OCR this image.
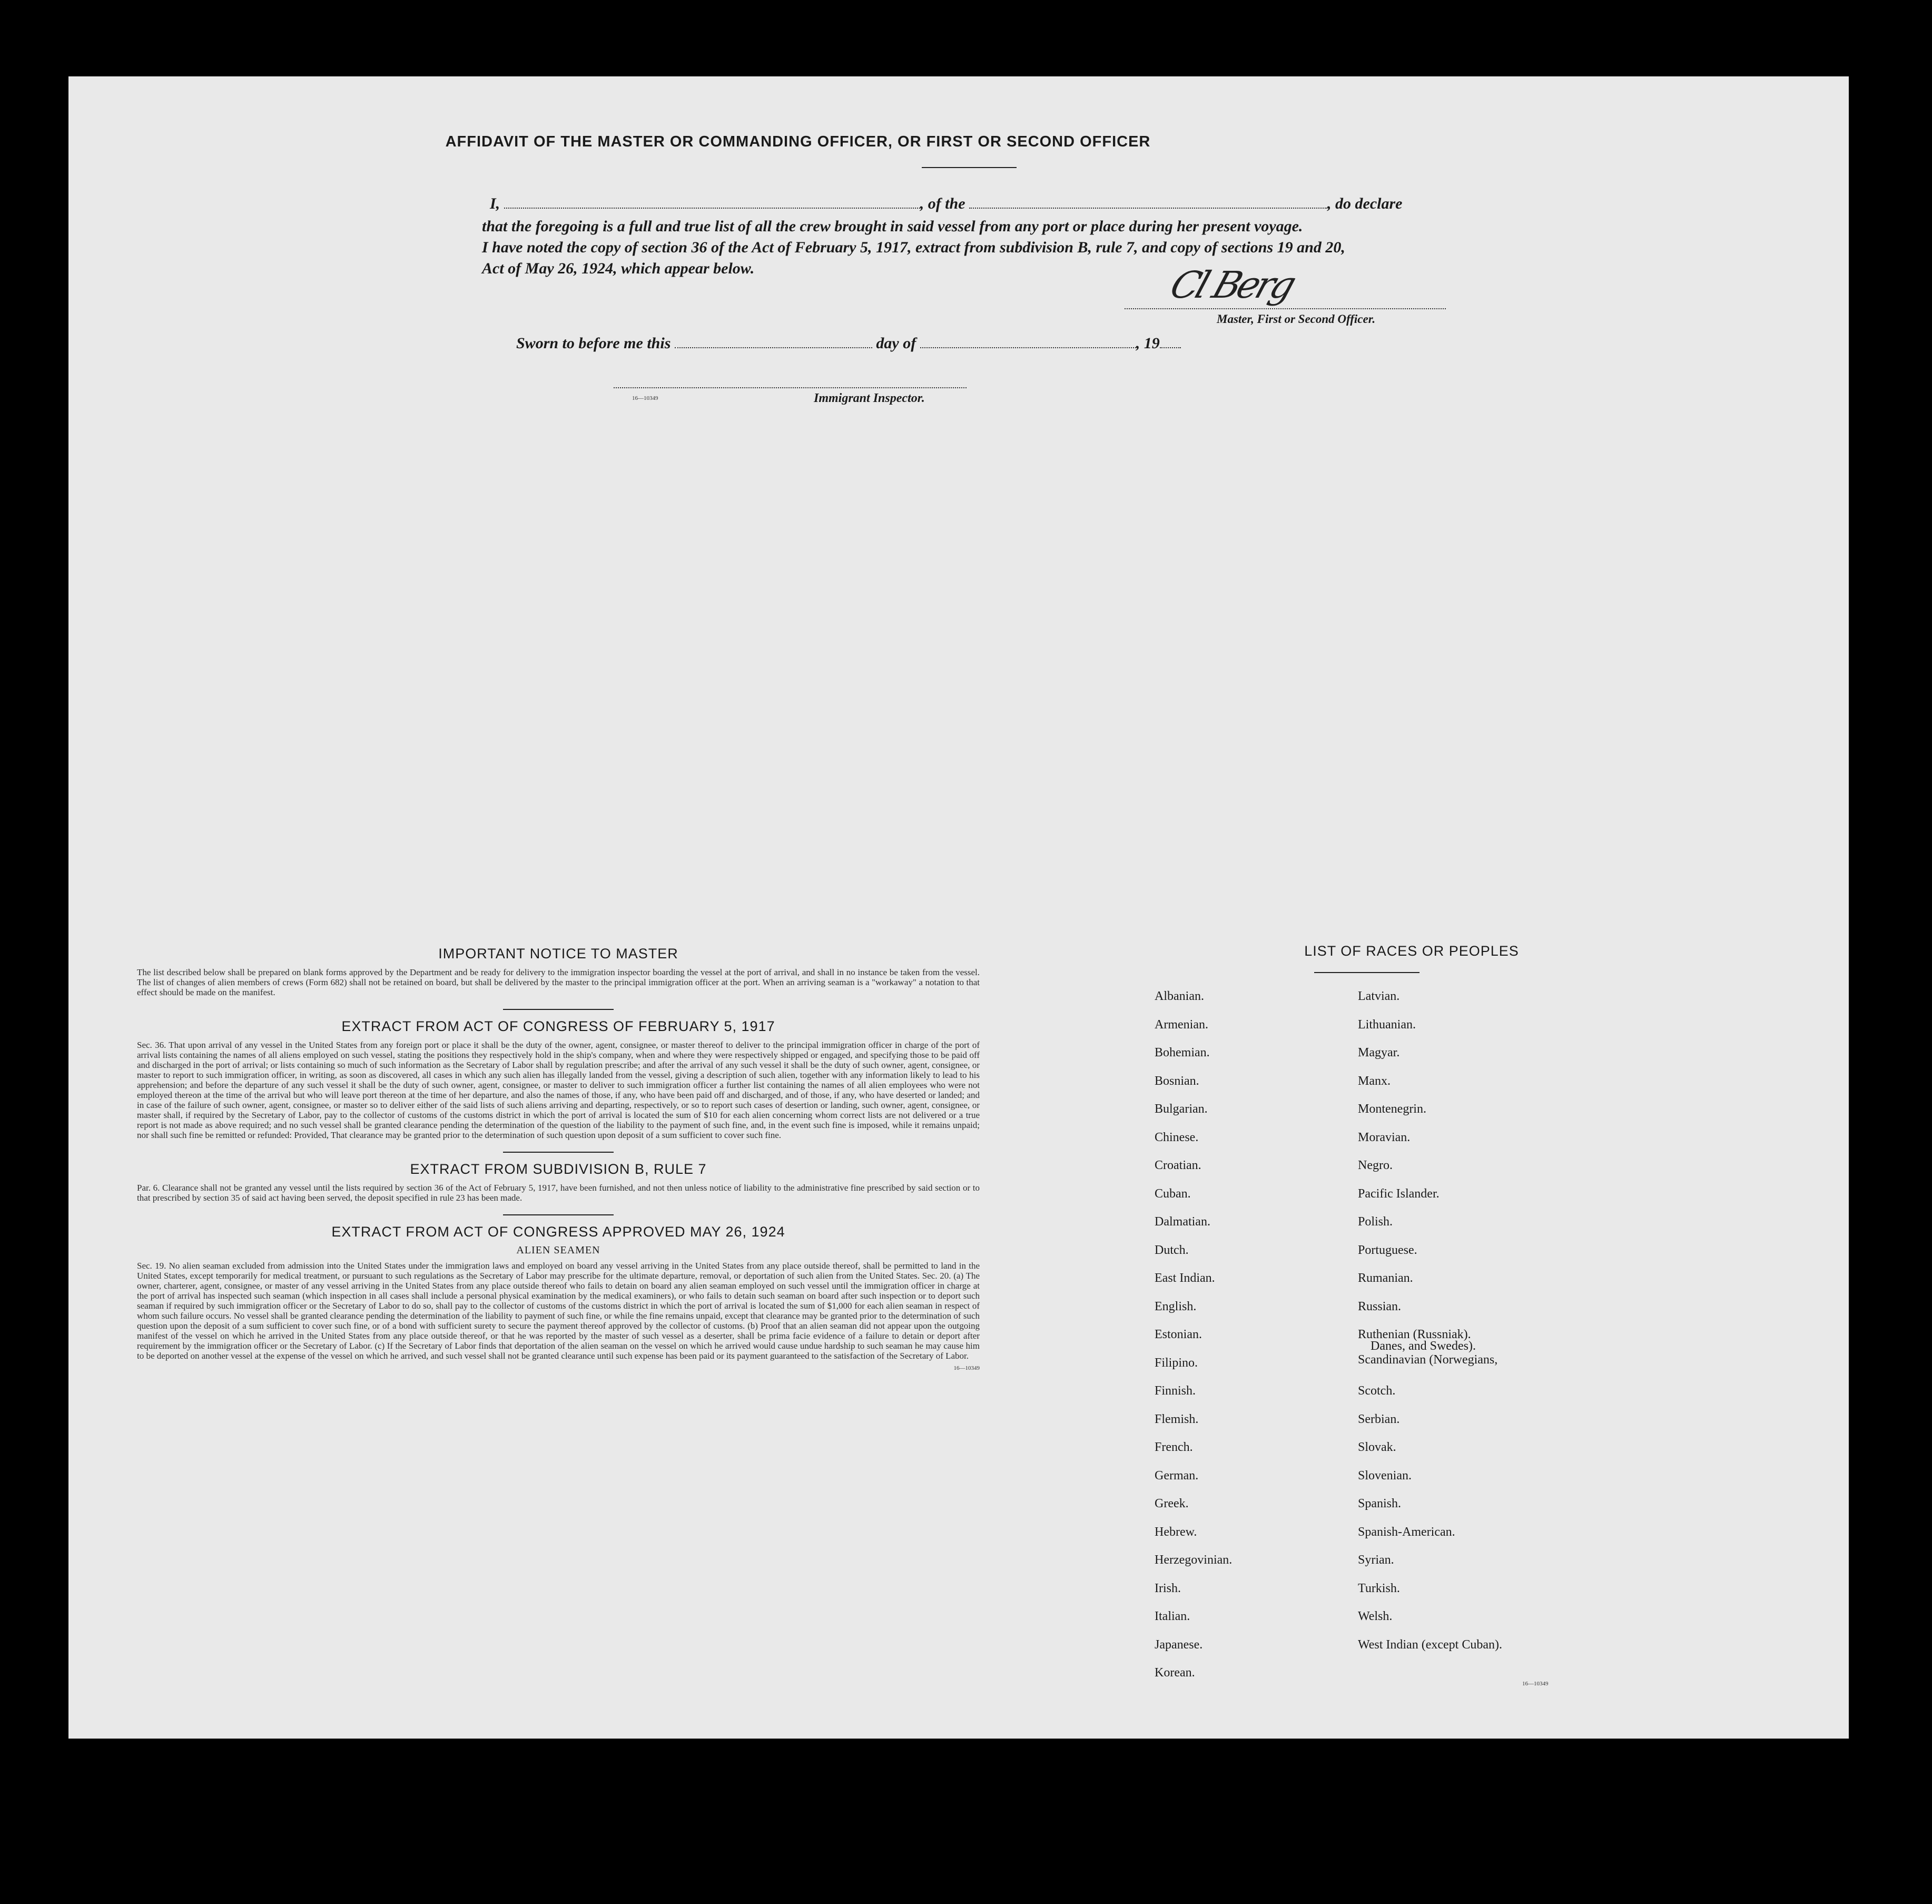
AFFIDAVIT OF THE MASTER OR COMMANDING OFFICER, OR FIRST OR SECOND OFFICER
I,	, of the	, do declare
that the foregoing is a full and true list of all the crew brought in said vessel from any port or place during her present voyage.
I have noted the copy of section 36 of the Act of February 5, 1917, extract from subdivision B, rule 7, and copy of sections 19 and 20,
Act of May 26, 1924, which appear below.	Cl Berg
Master, First or Second Officer.
Sworn to before me this	day of	, 19
16—10349	Immigrant Inspector.
IMPORTANT NOTICE TO MASTER
The list described below shall be prepared on blank forms approved by the Department and be ready for delivery to the immigration inspector boarding the vessel at the port of arrival, and shall in no instance be taken from the vessel. The list of changes of alien members of crews (Form 682) shall not be retained on board, but shall be delivered by the master to the principal immigration officer at the port. When an arriving seaman is a "workaway" a notation to that effect should be made on the manifest.
EXTRACT FROM ACT OF CONGRESS OF FEBRUARY 5, 1917
Sec. 36. That upon arrival of any vessel in the United States from any foreign port or place it shall be the duty of the owner, agent, consignee, or master thereof to deliver to the principal immigration officer in charge of the port of arrival lists containing the names of all aliens employed on such vessel, stating the positions they respectively hold in the ship's company, when and where they were respectively shipped or engaged, and specifying those to be paid off and discharged in the port of arrival; or lists containing so much of such information as the Secretary of Labor shall by regulation prescribe; and after the arrival of any such vessel it shall be the duty of such owner, agent, consignee, or master to report to such immigration officer, in writing, as soon as discovered, all cases in which any such alien has illegally landed from the vessel, giving a description of such alien, together with any information likely to lead to his apprehension; and before the departure of any such vessel it shall be the duty of such owner, agent, consignee, or master to deliver to such immigration officer a further list containing the names of all alien employees who were not employed thereon at the time of the arrival but who will leave port thereon at the time of her departure, and also the names of those, if any, who have been paid off and discharged, and of those, if any, who have deserted or landed; and in case of the failure of such owner, agent, consignee, or master so to deliver either of the said lists of such aliens arriving and departing, respectively, or so to report such cases of desertion or landing, such owner, agent, consignee, or master shall, if required by the Secretary of Labor, pay to the collector of customs of the customs district in which the port of arrival is located the sum of $10 for each alien concerning whom correct lists are not delivered or a true report is not made as above required; and no such vessel shall be granted clearance pending the determination of the question of the liability to the payment of such fine, and, in the event such fine is imposed, while it remains unpaid; nor shall such fine be remitted or refunded: Provided, That clearance may be granted prior to the determination of such question upon deposit of a sum sufficient to cover such fine.
EXTRACT FROM SUBDIVISION B, RULE 7
Par. 6. Clearance shall not be granted any vessel until the lists required by section 36 of the Act of February 5, 1917, have been furnished, and not then unless notice of liability to the administrative fine prescribed by said section or to that prescribed by section 35 of said act having been served, the deposit specified in rule 23 has been made.
EXTRACT FROM ACT OF CONGRESS APPROVED MAY 26, 1924
ALIEN SEAMEN
Sec. 19. No alien seaman excluded from admission into the United States under the immigration laws and employed on board any vessel arriving in the United States from any place outside thereof, shall be permitted to land in the United States, except temporarily for medical treatment, or pursuant to such regulations as the Secretary of Labor may prescribe for the ultimate departure, removal, or deportation of such alien from the United States. Sec. 20. (a) The owner, charterer, agent, consignee, or master of any vessel arriving in the United States from any place outside thereof who fails to detain on board any alien seaman employed on such vessel until the immigration officer in charge at the port of arrival has inspected such seaman (which inspection in all cases shall include a personal physical examination by the medical examiners), or who fails to detain such seaman on board after such inspection or to deport such seaman if required by such immigration officer or the Secretary of Labor to do so, shall pay to the collector of customs of the customs district in which the port of arrival is located the sum of $1,000 for each alien seaman in respect of whom such failure occurs. No vessel shall be granted clearance pending the determination of the liability to payment of such fine, or while the fine remains unpaid, except that clearance may be granted prior to the determination of such question upon the deposit of a sum sufficient to cover such fine, or of a bond with sufficient surety to secure the payment thereof approved by the collector of customs. (b) Proof that an alien seaman did not appear upon the outgoing manifest of the vessel on which he arrived in the United States from any place outside thereof, or that he was reported by the master of such vessel as a deserter, shall be prima facie evidence of a failure to detain or deport after requirement by the immigration officer or the Secretary of Labor. (c) If the Secretary of Labor finds that deportation of the alien seaman on the vessel on which he arrived would cause undue hardship to such seaman he may cause him to be deported on another vessel at the expense of the vessel on which he arrived, and such vessel shall not be granted clearance until such expense has been paid or its payment guaranteed to the satisfaction of the Secretary of Labor.
16—10349
LIST OF RACES OR PEOPLES
16—10349
Albanian.
Armenian.
Bohemian.
Bosnian.
Bulgarian.
Chinese.
Croatian.
Cuban.
Dalmatian.
Dutch.
East Indian.
English.
Estonian.
Filipino.
Finnish.
Flemish.
French.
German.
Greek.
Hebrew.
Herzegovinian.
Irish.
Italian.
Japanese.
Korean.
Latvian.
Lithuanian.
Magyar.
Manx.
Montenegrin.
Moravian.
Negro.
Pacific Islander.
Polish.
Portuguese.
Rumanian.
Russian.
Ruthenian (Russniak).
Scandinavian (Norwegians,
Danes, and Swedes).
Scotch.
Serbian.
Slovak.
Slovenian.
Spanish.
Spanish-American.
Syrian.
Turkish.
Welsh.
West Indian (except Cuban).
